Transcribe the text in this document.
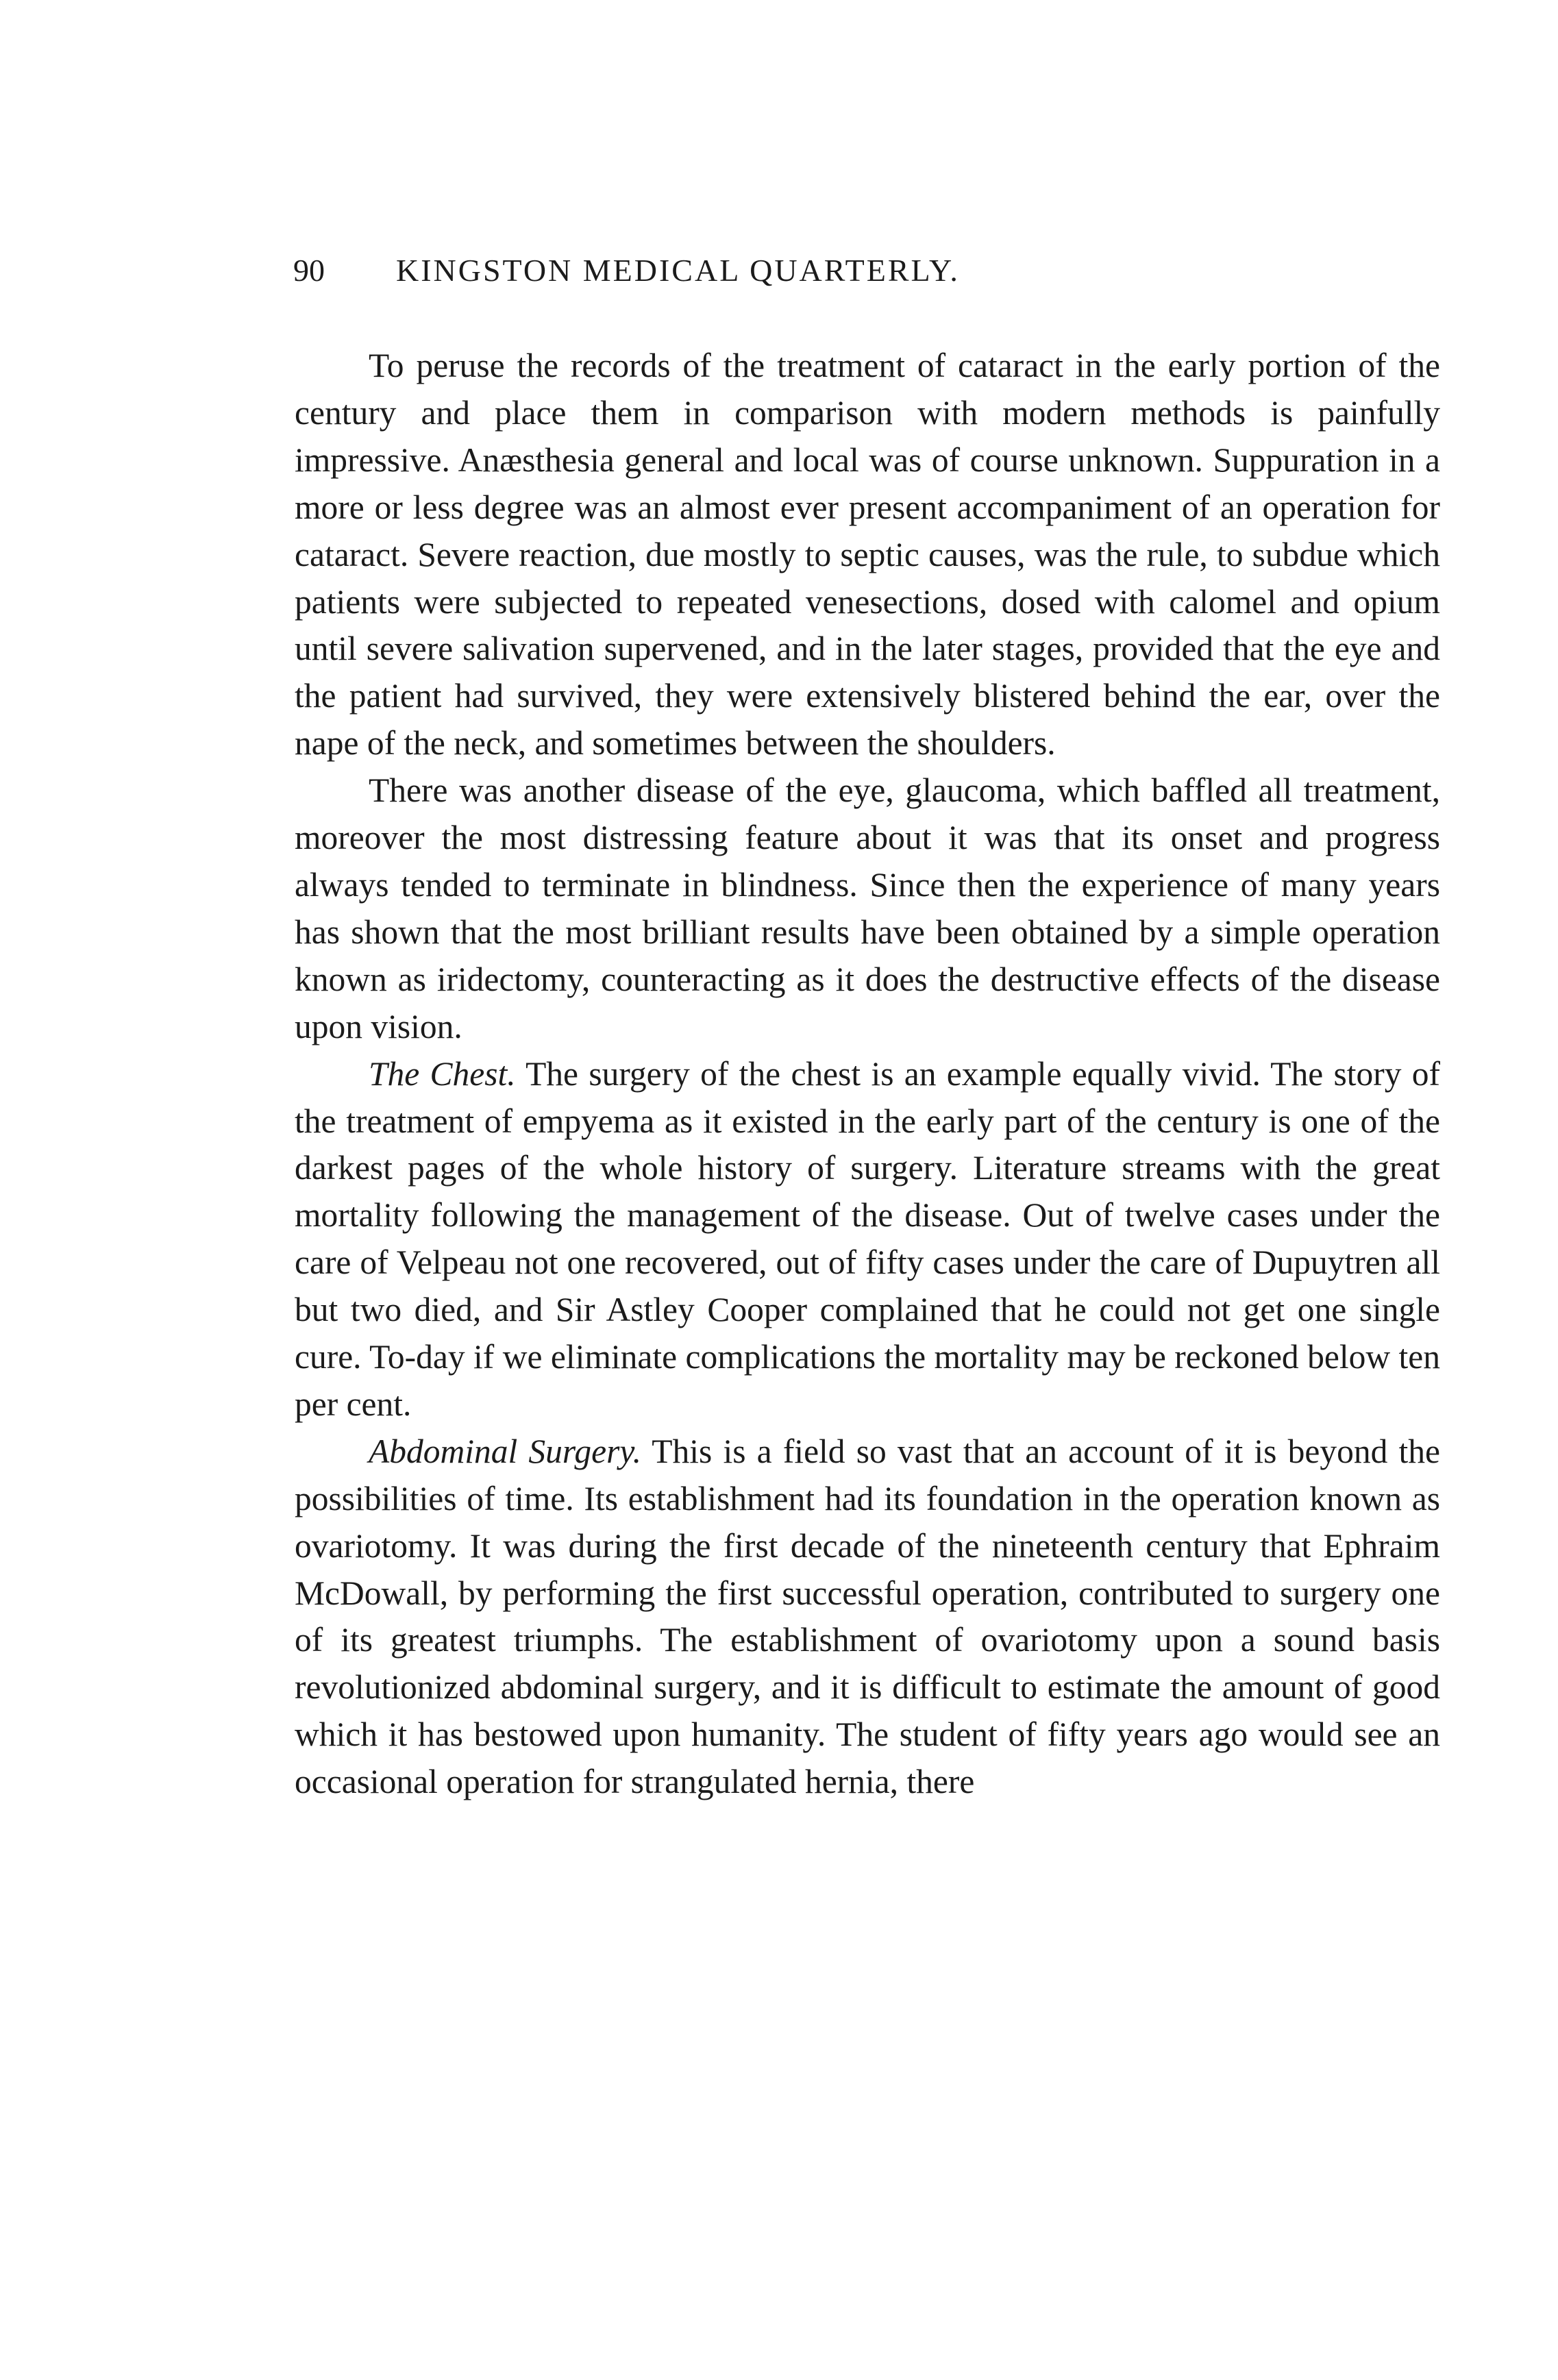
90 KINGSTON MEDICAL QUARTERLY.

To peruse the records of the treatment of cataract in the early portion of the century and place them in comparison with modern methods is painfully impressive. Anæsthesia general and local was of course unknown. Suppuration in a more or less degree was an almost ever present accompaniment of an operation for cataract. Severe reaction, due mostly to septic causes, was the rule, to subdue which patients were subjected to repeated venesections, dosed with calomel and opium until severe salivation supervened, and in the later stages, provided that the eye and the patient had survived, they were extensively blistered behind the ear, over the nape of the neck, and sometimes between the shoulders.

There was another disease of the eye, glaucoma, which baffled all treatment, moreover the most distressing feature about it was that its onset and progress always tended to terminate in blindness. Since then the experience of many years has shown that the most brilliant results have been obtained by a simple operation known as iridectomy, counteracting as it does the destructive effects of the disease upon vision.

The Chest. The surgery of the chest is an example equally vivid. The story of the treatment of empyema as it existed in the early part of the century is one of the darkest pages of the whole history of surgery. Literature streams with the great mortality following the management of the disease. Out of twelve cases under the care of Velpeau not one recovered, out of fifty cases under the care of Dupuytren all but two died, and Sir Astley Cooper complained that he could not get one single cure. To-day if we eliminate complications the mortality may be reckoned below ten per cent.

Abdominal Surgery. This is a field so vast that an account of it is beyond the possibilities of time. Its establishment had its foundation in the operation known as ovariotomy. It was during the first decade of the nineteenth century that Ephraim McDowall, by performing the first successful operation, contributed to surgery one of its greatest triumphs. The establishment of ovariotomy upon a sound basis revolutionized abdominal surgery, and it is difficult to estimate the amount of good which it has bestowed upon humanity. The student of fifty years ago would see an occasional operation for strangulated hernia, there
